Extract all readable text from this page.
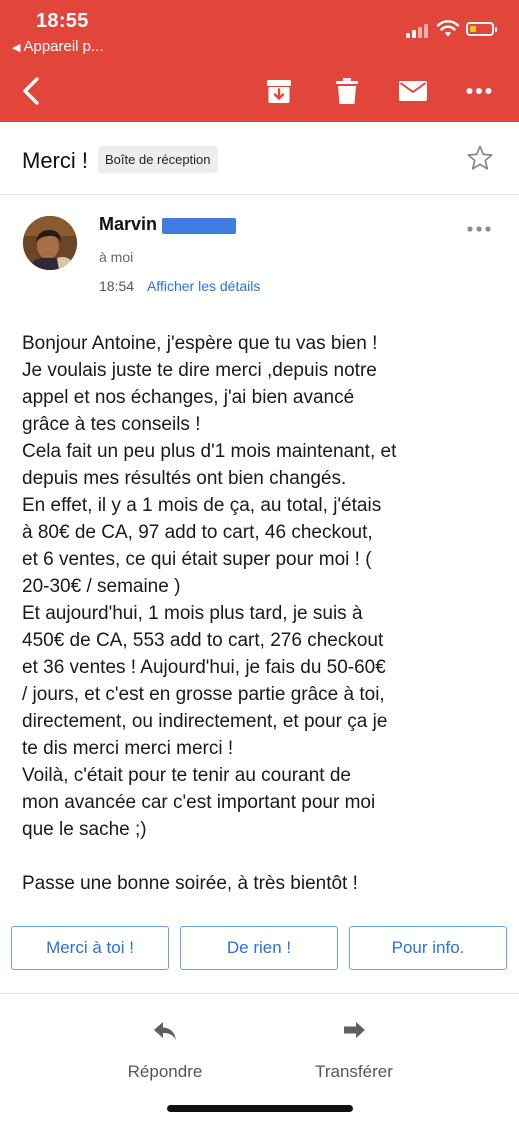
18:55
◀ Appareil p...
Merci !	Boîte de réception
Marvin
à moi
18:54 Afficher les détails
Bonjour Antoine, j'espère que tu vas bien !
Je voulais juste te dire merci ,depuis notre
appel et nos échanges, j'ai bien avancé
grâce à tes conseils !
Cela fait un peu plus d'1 mois maintenant, et
depuis mes résultés ont bien changés.
En effet, il y a 1 mois de ça, au total, j'étais
à 80€ de CA, 97 add to cart, 46 checkout,
et 6 ventes, ce qui était super pour moi ! (
20-30€ / semaine )
Et aujourd'hui, 1 mois plus tard, je suis à
450€ de CA, 553 add to cart, 276 checkout
et 36 ventes ! Aujourd'hui, je fais du 50-60€
/ jours, et c'est en grosse partie grâce à toi,
directement, ou indirectement, et pour ça je
te dis merci merci merci !
Voilà, c'était pour te tenir au courant de
mon avancée car c'est important pour moi
que le sache ;)
Passe une bonne soirée, à très bientôt !
Merci à toi !	De rien !	Pour info.
Répondre	Transférer
